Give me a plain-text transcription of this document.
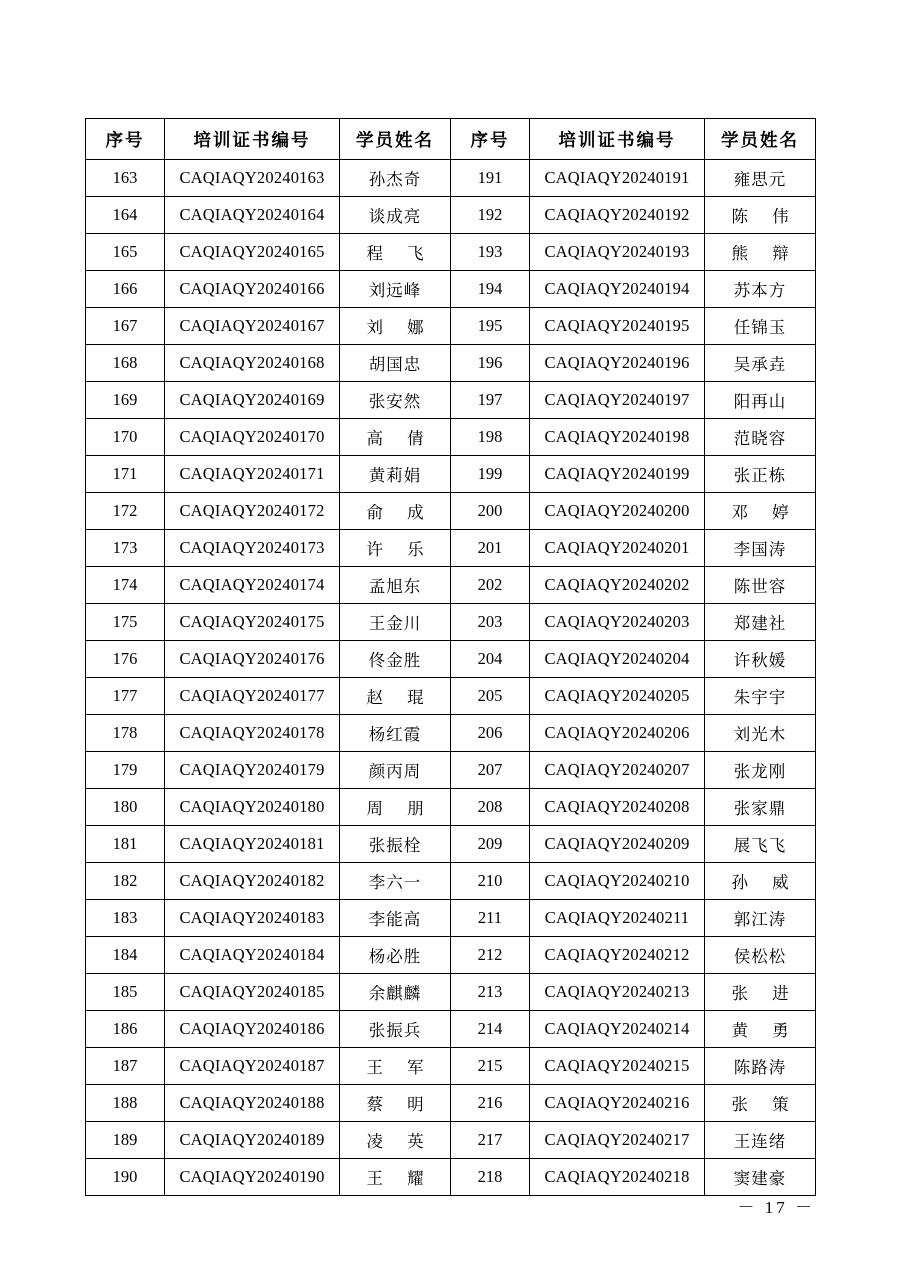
序号	培训证书编号	学员姓名	序号	培训证书编号	学员姓名
163	CAQIAQY20240163	孙杰奇	191	CAQIAQY20240191	雍思元
164	CAQIAQY20240164	谈成亮	192	CAQIAQY20240192	陈 伟
165	CAQIAQY20240165	程 飞	193	CAQIAQY20240193	熊 辩
166	CAQIAQY20240166	刘远峰	194	CAQIAQY20240194	苏本方
167	CAQIAQY20240167	刘 娜	195	CAQIAQY20240195	任锦玉
168	CAQIAQY20240168	胡国忠	196	CAQIAQY20240196	吴承垚
169	CAQIAQY20240169	张安然	197	CAQIAQY20240197	阳再山
170	CAQIAQY20240170	高 倩	198	CAQIAQY20240198	范晓容
171	CAQIAQY20240171	黄莉娟	199	CAQIAQY20240199	张正栋
172	CAQIAQY20240172	俞 成	200	CAQIAQY20240200	邓 婷
173	CAQIAQY20240173	许 乐	201	CAQIAQY20240201	李国涛
174	CAQIAQY20240174	孟旭东	202	CAQIAQY20240202	陈世容
175	CAQIAQY20240175	王金川	203	CAQIAQY20240203	郑建社
176	CAQIAQY20240176	佟金胜	204	CAQIAQY20240204	许秋媛
177	CAQIAQY20240177	赵 琨	205	CAQIAQY20240205	朱宇宇
178	CAQIAQY20240178	杨红霞	206	CAQIAQY20240206	刘光木
179	CAQIAQY20240179	颜丙周	207	CAQIAQY20240207	张龙刚
180	CAQIAQY20240180	周 朋	208	CAQIAQY20240208	张家鼎
181	CAQIAQY20240181	张振栓	209	CAQIAQY20240209	展飞飞
182	CAQIAQY20240182	李六一	210	CAQIAQY20240210	孙 威
183	CAQIAQY20240183	李能高	211	CAQIAQY20240211	郭江涛
184	CAQIAQY20240184	杨必胜	212	CAQIAQY20240212	侯松松
185	CAQIAQY20240185	余麒麟	213	CAQIAQY20240213	张 进
186	CAQIAQY20240186	张振兵	214	CAQIAQY20240214	黄 勇
187	CAQIAQY20240187	王 军	215	CAQIAQY20240215	陈路涛
188	CAQIAQY20240188	蔡 明	216	CAQIAQY20240216	张 策
189	CAQIAQY20240189	凌 英	217	CAQIAQY20240217	王连绪
190	CAQIAQY20240190	王 耀	218	CAQIAQY20240218	窦建豪
－ 17 －
